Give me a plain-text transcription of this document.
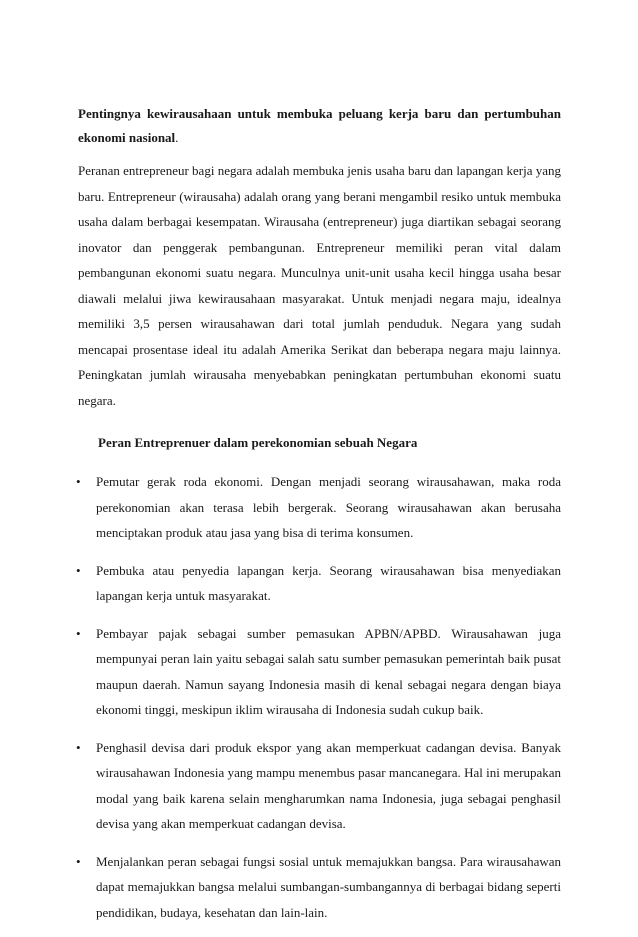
Pentingnya kewirausahaan untuk membuka peluang kerja baru dan pertumbuhan ekonomi nasional.

Peranan entrepreneur bagi negara adalah membuka jenis usaha baru dan lapangan kerja yang baru. Entrepreneur (wirausaha) adalah orang yang berani mengambil resiko untuk membuka usaha dalam berbagai kesempatan. Wirausaha (entrepreneur) juga diartikan sebagai seorang inovator dan penggerak pembangunan. Entrepreneur memiliki peran vital dalam pembangunan ekonomi suatu negara. Munculnya unit-unit usaha kecil hingga usaha besar diawali melalui jiwa kewirausahaan masyarakat. Untuk menjadi negara maju, idealnya memiliki 3,5 persen wirausahawan dari total jumlah penduduk. Negara yang sudah mencapai prosentase ideal itu adalah Amerika Serikat dan beberapa negara maju lainnya. Peningkatan jumlah wirausaha menyebabkan peningkatan pertumbuhan ekonomi suatu negara.

Peran Entreprenuer dalam perekonomian sebuah Negara

• Pemutar gerak roda ekonomi. Dengan menjadi seorang wirausahawan, maka roda perekonomian akan terasa lebih bergerak. Seorang wirausahawan akan berusaha menciptakan produk atau jasa yang bisa di terima konsumen.
• Pembuka atau penyedia lapangan kerja. Seorang wirausahawan bisa menyediakan lapangan kerja untuk masyarakat.
• Pembayar pajak sebagai sumber pemasukan APBN/APBD. Wirausahawan juga mempunyai peran lain yaitu sebagai salah satu sumber pemasukan pemerintah baik pusat maupun daerah. Namun sayang Indonesia masih di kenal sebagai negara dengan biaya ekonomi tinggi, meskipun iklim wirausaha di Indonesia sudah cukup baik.
• Penghasil devisa dari produk ekspor yang akan memperkuat cadangan devisa. Banyak wirausahawan Indonesia yang mampu menembus pasar mancanegara. Hal ini merupakan modal yang baik karena selain mengharumkan nama Indonesia, juga sebagai penghasil devisa yang akan memperkuat cadangan devisa.
• Menjalankan peran sebagai fungsi sosial untuk memajukkan bangsa. Para wirausahawan dapat memajukkan bangsa melalui sumbangan-sumbangannya di berbagai bidang seperti pendidikan, budaya, kesehatan dan lain-lain.
